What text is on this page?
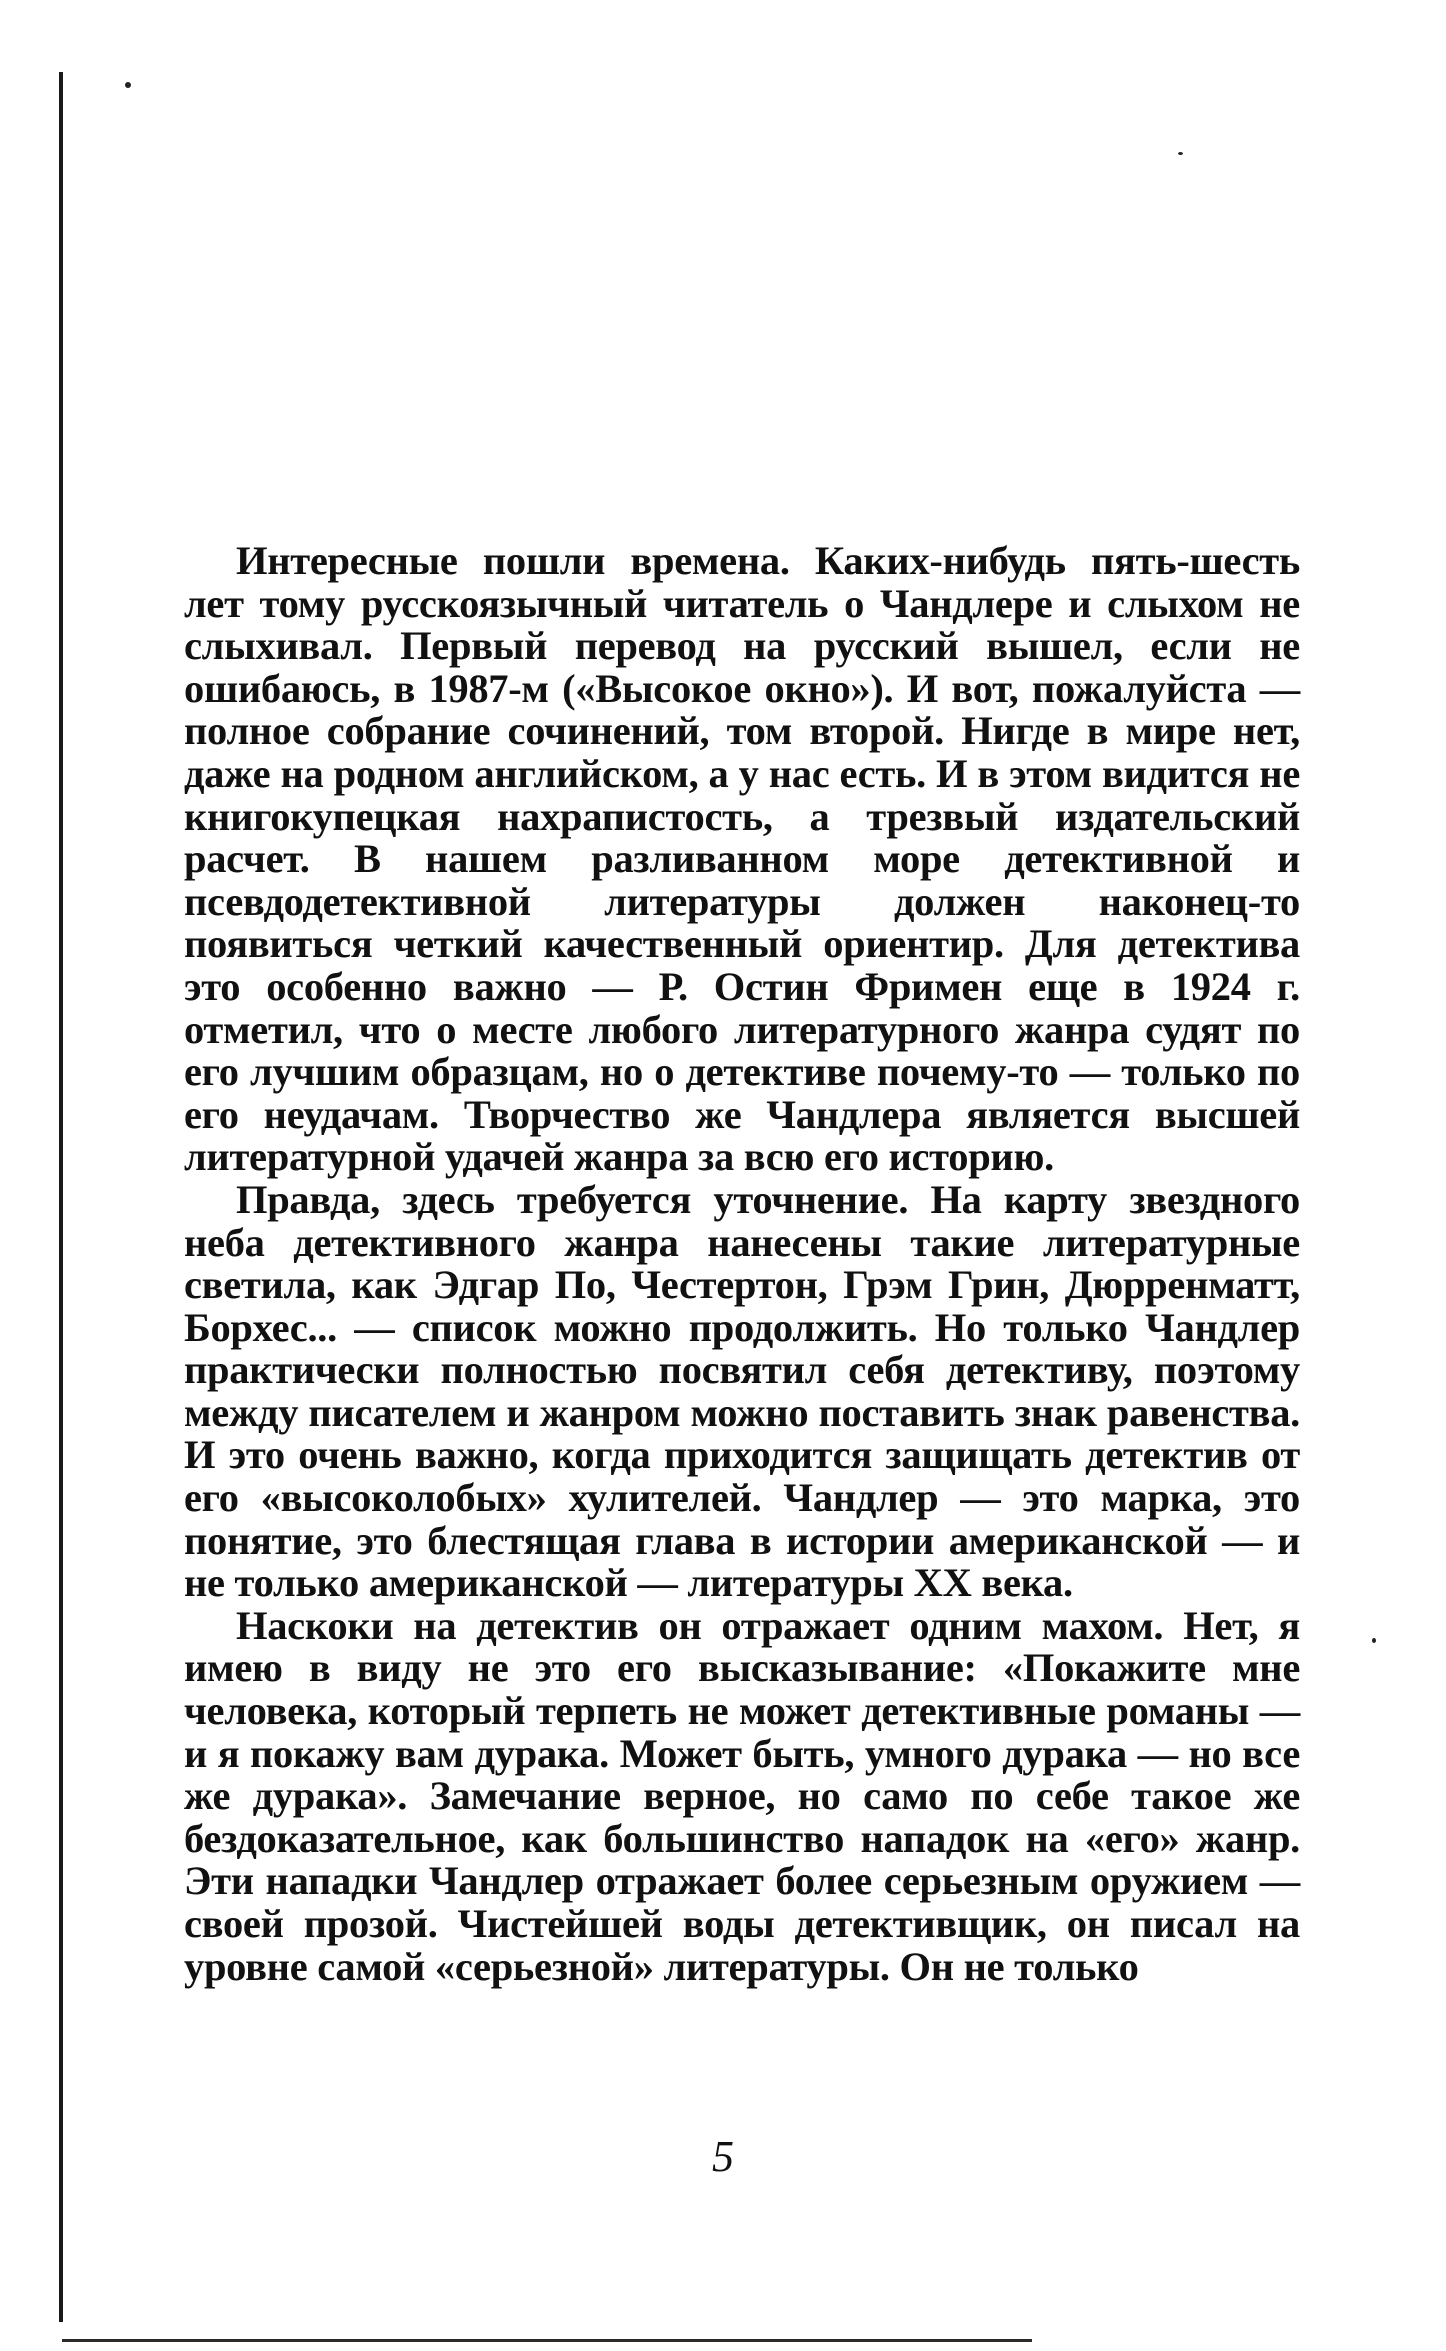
Интересные пошли времена. Каких-нибудь пять-шесть лет тому русскоязычный читатель о Чандлере и слыхом не слыхивал. Первый перевод на русский вышел, если не ошибаюсь, в 1987-м («Высокое окно»). И вот, пожалуйста — полное собрание сочинений, том второй. Нигде в мире нет, даже на родном английском, а у нас есть. И в этом видится не книгокупецкая нахрапистость, а трезвый издательский расчет. В нашем разливанном море детективной и псевдодетективной литературы должен наконец-то появиться четкий качественный ориентир. Для детектива это особенно важно — Р. Остин Фримен еще в 1924 г. отметил, что о месте любого литературного жанра судят по его лучшим образцам, но о детективе почему-то — только по его неудачам. Творчество же Чандлера является высшей литературной удачей жанра за всю его историю.

Правда, здесь требуется уточнение. На карту звездного неба детективного жанра нанесены такие литературные светила, как Эдгар По, Честертон, Грэм Грин, Дюрренматт, Борхес... — список можно продолжить. Но только Чандлер практически полностью посвятил себя детективу, поэтому между писателем и жанром можно поставить знак равенства. И это очень важно, когда приходится защищать детектив от его «высоколобых» хулителей. Чандлер — это марка, это понятие, это блестящая глава в истории американской — и не только американской — литературы XX века.

Наскоки на детектив он отражает одним махом. Нет, я имею в виду не это его высказывание: «Покажите мне человека, который терпеть не может детективные романы — и я покажу вам дурака. Может быть, умного дурака — но все же дурака». Замечание верное, но само по себе такое же бездоказательное, как большинство нападок на «его» жанр. Эти нападки Чандлер отражает более серьезным оружием — своей прозой. Чистейшей воды детективщик, он писал на уровне самой «серьезной» литературы. Он не только

5
